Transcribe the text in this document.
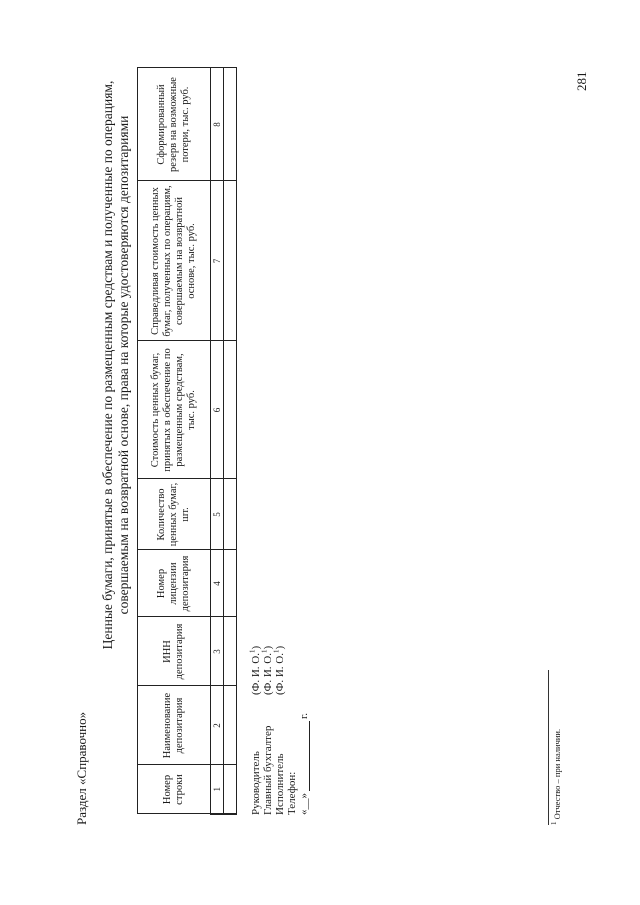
Раздел «Справочно»
Ценные бумаги, принятые в обеспечение по размещенным средствам и полученные по операциям, совершаемым на возвратной основе, права на которые удостоверяются депозитариями
Номер строки	Наименование депозитария	ИНН депозитария	Номер лицензии депозитария	Количество ценных бумаг, шт.	Стоимость ценных бумаг, принятых в обеспечение по размещенным средствам, тыс. руб.	Справедливая стоимость ценных бумаг, полученных по операциям, совершаемым на возвратной основе, тыс. руб.	Сформированный резерв на возможные потери, тыс. руб.
1	2	3	4	5	6	7	8

Руководитель
(Ф. И. О.$^1$)
Главный бухгалтер
(Ф. И. О.$^1$)
Исполнитель
(Ф. И. О.$^1$)
Телефон: «__»
г.
$^1$ Отчество – при наличии.
281
